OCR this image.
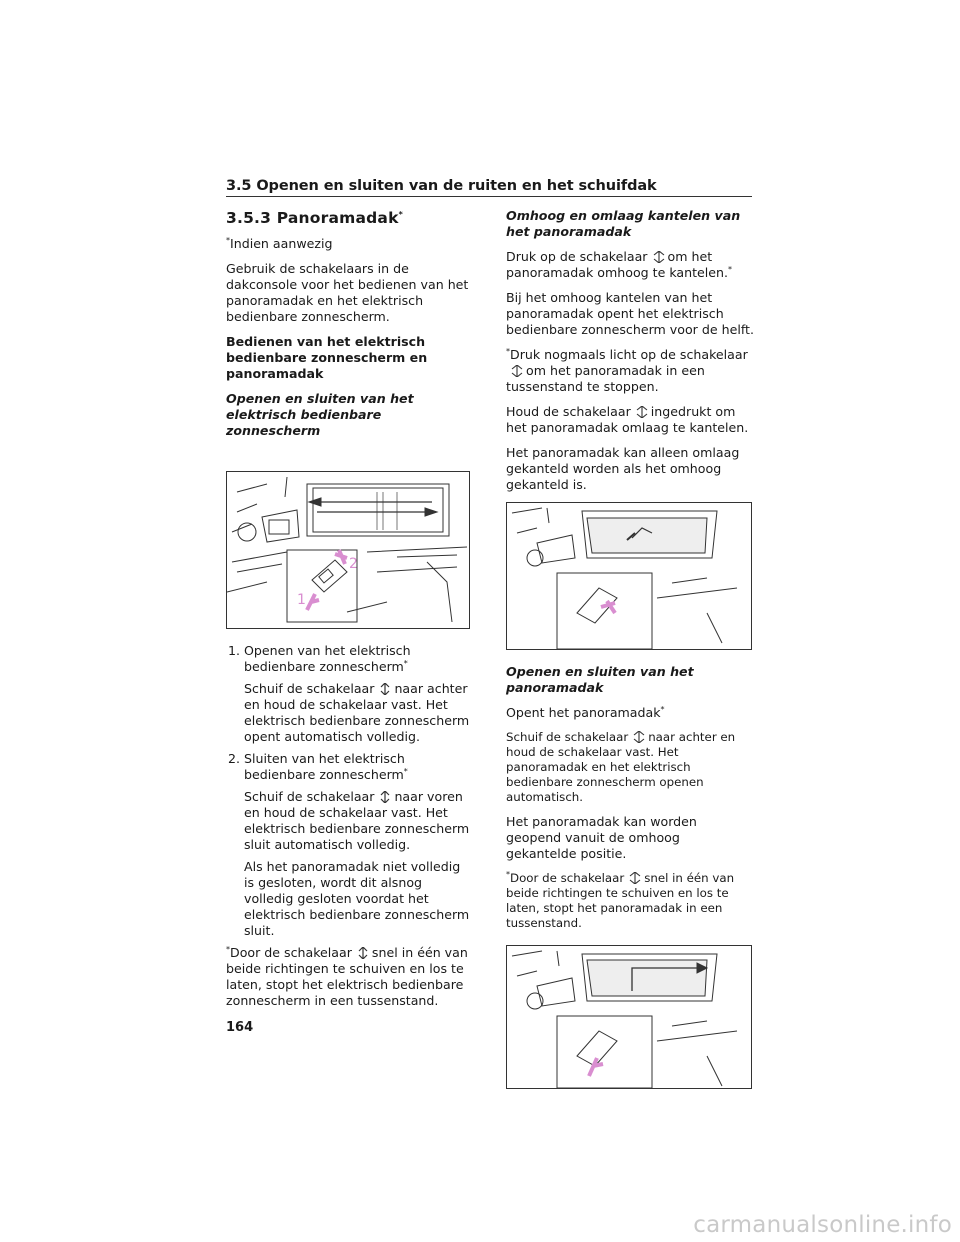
3.5 Openen en sluiten van de ruiten en het schuifdak
3.5.3 Panoramadak*

*Indien aanwezig

Gebruik de schakelaars in de dakconsole voor het bedienen van het panoramadak en het elektrisch bedienbare zonnescherm.

Bedienen van het elektrisch bedienbare zonnescherm en panoramadak

Openen en sluiten van het elektrisch bedienbare zonnescherm

2
1

1. Openen van het elektrisch bedienbare zonnescherm*

Schuif de schakelaar naar achter en houd de schakelaar vast. Het elektrisch bedienbare zonnescherm opent automatisch volledig.

2. Sluiten van het elektrisch bedienbare zonnescherm*

Schuif de schakelaar naar voren en houd de schakelaar vast. Het elektrisch bedienbare zonnescherm sluit automatisch volledig.

Als het panoramadak niet volledig is gesloten, wordt dit alsnog volledig gesloten voordat het elektrisch bedienbare zonnescherm sluit.

*Door de schakelaar snel in één van beide richtingen te schuiven en los te laten, stopt het elektrisch bedienbare zonnescherm in een tussenstand.

Omhoog en omlaag kantelen van het panoramadak

Druk op de schakelaar om het panoramadak omhoog te kantelen.*

Bij het omhoog kantelen van het panoramadak opent het elektrisch bedienbare zonnescherm voor de helft.

*Druk nogmaals licht op de schakelaar
om het panoramadak in een tussenstand te stoppen.

Houd de schakelaar ingedrukt om het panoramadak omlaag te kantelen.

Het panoramadak kan alleen omlaag gekanteld worden als het omhoog gekanteld is.

Openen en sluiten van het panoramadak

Opent het panoramadak*

Schuif de schakelaar naar achter en houd de schakelaar vast. Het panoramadak en het elektrisch bedienbare zonnescherm openen automatisch.

Het panoramadak kan worden geopend vanuit de omhoog gekantelde positie.

*Door de schakelaar snel in één van beide richtingen te schuiven en los te laten, stopt het panoramadak in een tussenstand.

164
carmanualsonline.info
